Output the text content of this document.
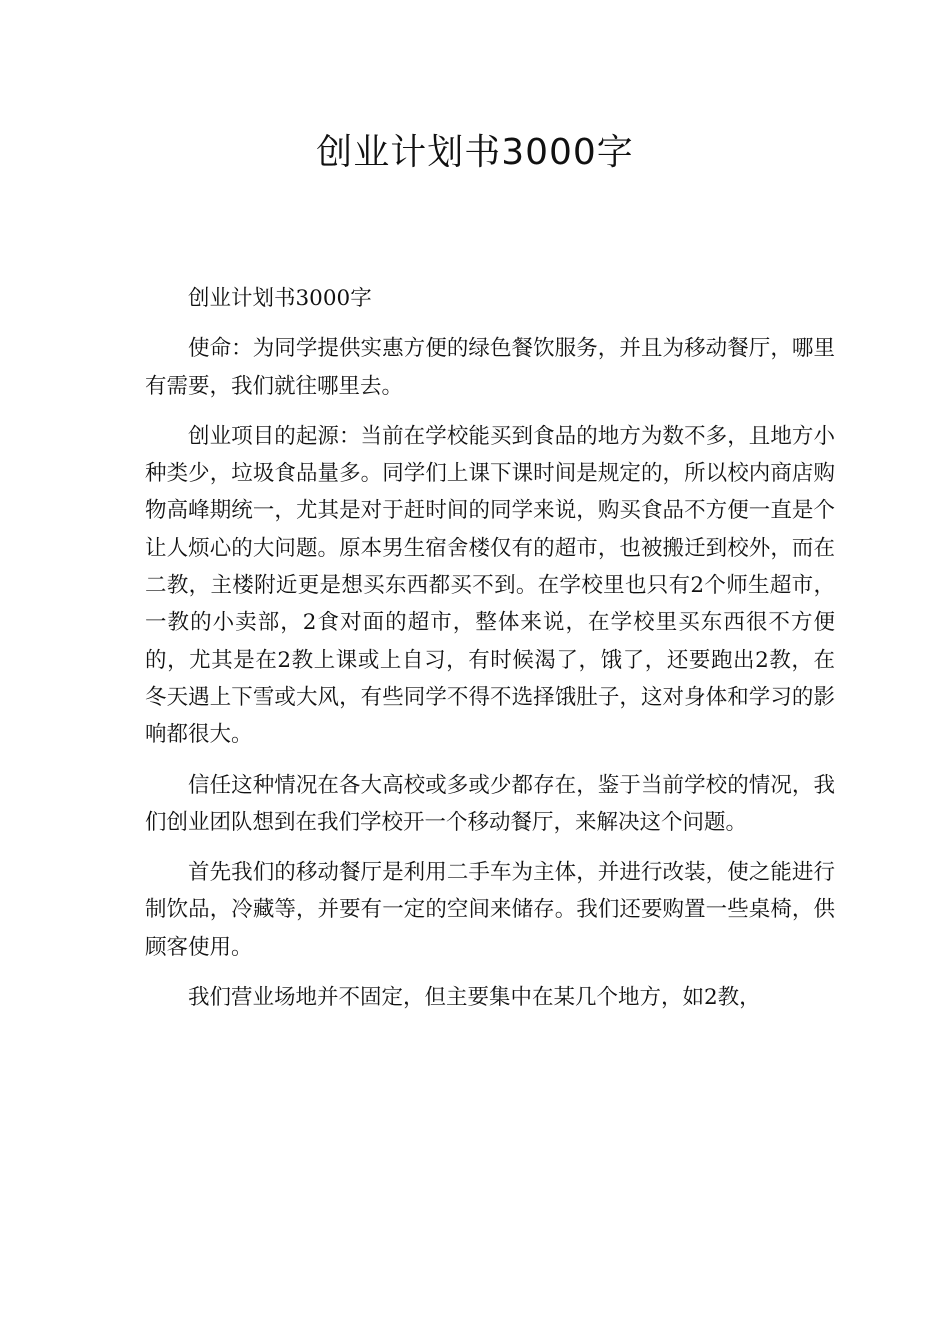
创业计划书3000字

创业计划书3000字

使命：为同学提供实惠方便的绿色餐饮服务，并且为移动餐厅，哪里有需要，我们就往哪里去。

创业项目的起源：当前在学校能买到食品的地方为数不多，且地方小种类少，垃圾食品量多。同学们上课下课时间是规定的，所以校内商店购物高峰期统一，尤其是对于赶时间的同学来说，购买食品不方便一直是个让人烦心的大问题。原本男生宿舍楼仅有的超市，也被搬迁到校外，而在二教，主楼附近更是想买东西都买不到。在学校里也只有2个师生超市，一教的小卖部，2食对面的超市，整体来说，在学校里买东西很不方便的，尤其是在2教上课或上自习，有时候渴了，饿了，还要跑出2教，在冬天遇上下雪或大风，有些同学不得不选择饿肚子，这对身体和学习的影响都很大。

信任这种情况在各大高校或多或少都存在，鉴于当前学校的情况，我们创业团队想到在我们学校开一个移动餐厅，来解决这个问题。

首先我们的移动餐厅是利用二手车为主体，并进行改装，使之能进行制饮品，冷藏等，并要有一定的空间来储存。我们还要购置一些桌椅，供顾客使用。

我们营业场地并不固定，但主要集中在某几个地方，如2教，
